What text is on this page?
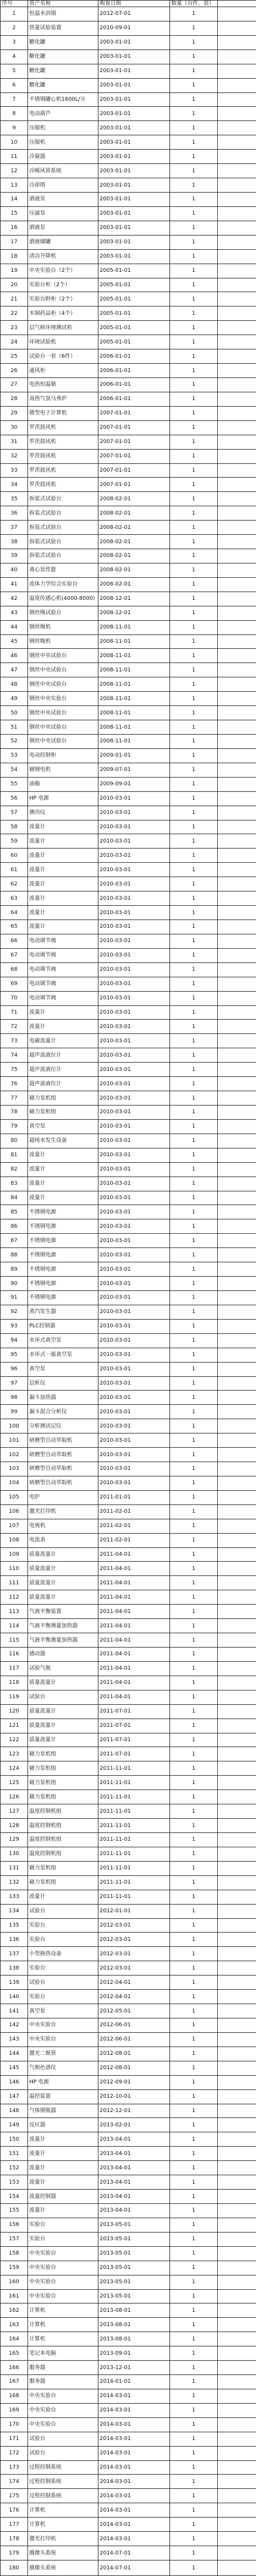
序号	资产名称	购置日期	数量（台件、套）	
1	恒温水浴锅	2012-07-01	1	
2	热量试验装置	2010-09-01	1	
3	糖化罐	2003-01-01	1	
4	糖化罐	2003-01-01	1	
5	糖化罐	2003-01-01	1	
6	糖化罐	2003-01-01	1	
7	不锈钢罐心机1600L/分	2003-01-01	1	
8	电动葫芦	2003-01-01	1	
9	压缩机	2003-01-01	1	
10	压缩机	2003-01-01	1	
11	冷凝器	2003-01-01	1	
12	冷暖风管系统	2003-01-01	1	
13	冷却塔	2003-01-01	1	
14	酒液泵	2003-01-01	1	
15	压滤泵	2003-01-01	1	
16	酒液泵	2003-01-01	1	
17	酒液储罐	2003-01-01	1	
18	清洁升降机	2003-01-01	1	
19	中央实验台（2个）	2005-01-01	1	
20	实验台柜（2个）	2005-01-01	1	
21	实验台附柜（2个）	2005-01-01	1	
22	木制药品柜（4个）	2005-01-01	1	
23	层气候环境测试机	2005-01-01	1	
24	环境试验机	2005-01-01	1	
25	试验台一套（6件）	2006-01-01	1	
26	通风柜	2006-01-01	1	
27	电热恒温箱	2006-01-01	1	
28	高热气氛马弗炉	2006-01-01	1	
29	微型电子计算机	2007-01-01	1	
30	罗茨鼓风机	2007-01-01	1	
31	罗茨鼓风机	2007-01-01	1	
32	罗茨鼓风机	2007-01-01	1	
33	罗茨鼓风机	2007-01-01	1	
34	罗茨鼓风机	2007-01-01	1	
35	拆装式试验台	2008-02-01	1	
36	拆装式试验台	2008-02-01	1	
37	拆装式试验台	2008-02-01	1	
38	拆装式试验台	2008-02-01	1	
39	拆装式试验台	2008-02-01	1	
40	离心泵性能	2008-02-01	1	
41	流体力学综合实验台	2008-02-01	1	
42	温度传感心机(4000-8000)	2008-12-01	1	
43	钢丝绳试验台	2008-12-01	1	
44	钢丝绳机	2008-11-01	1	
45	钢丝绳机	2008-11-01	1	
46	钢丝中央试验台	2008-11-01	1	
47	钢丝中央试验台	2008-11-01	1	
48	钢丝中央试验台	2008-11-01	1	
49	钢丝中央实验台	2008-11-01	1	
50	钢丝中央试验台	2008-11-01	1	
51	钢丝中央试验台	2008-11-01	1	
52	钢丝中央试验台	2008-11-01	1	
53	电动控制柜	2009-01-01	1	
54	磁钢电机	2009-07-01	1	
55	油箱	2009-09-01	1	
56	HP 电源	2010-03-01	1	
57	测功仪	2010-03-01	1	
58	流量计	2010-03-01	1	
59	流量计	2010-03-01	1	
60	流量计	2010-03-01	1	
61	流量计	2010-03-01	1	
62	流量计	2010-03-01	1	
63	流量计	2010-03-01	1	
64	流量计	2010-03-01	1	
65	流量计	2010-03-01	1	
66	电动调节阀	2010-03-01	1	
67	电动调节阀	2010-03-01	1	
68	电动调节阀	2010-03-01	1	
69	电动调节阀	2010-03-01	1	
70	电动调节阀	2010-03-01	1	
71	流量计	2010-03-01	1	
72	流量计	2010-03-01	1	
73	电磁流量计	2010-03-01	1	
74	超声波液位计	2010-03-01	1	
75	超声波液位计	2010-03-01	1	
76	超声波液位计	2010-03-01	1	
77	磁力泵机组	2010-03-01	1	
78	磁力泵机组	2010-03-01	1	
79	真空泵	2010-03-01	1	
80	超纯水发生设备	2010-03-01	1	
81	流量计	2010-03-01	1	
82	流量计	2010-03-01	1	
83	流量计	2010-03-01	1	
84	流量计	2010-03-01	1	
85	不锈钢电源	2010-03-01	1	
86	不锈钢电源	2010-03-01	1	
87	不锈钢电源	2010-03-01	1	
88	不锈钢电源	2010-03-01	1	
89	不锈钢电源	2010-03-01	1	
90	不锈钢电源	2010-03-01	1	
91	不锈钢电源	2010-03-01	1	
92	蒸汽发生器	2010-03-01	1	
93	PLC控制器	2010-03-01	1	
94	水环式真空泵	2010-03-01	1	
95	水环式一級真空泵	2010-03-01	1	
96	真空泵	2010-03-01	1	
97	层析仪	2010-03-01	1	
98	漏斗加热器	2010-03-01	1	
99	漏斗混合分析仪	2010-03-01	1	
100	分析测试记仪	2010-03-01	1	
101	研磨型自动萃取机	2010-03-01	1	
102	研磨型自动萃取机	2010-03-01	1	
103	研磨型自动萃取机	2010-03-01	1	
104	研磨型自动萃取机	2010-03-01	1	
105	电炉	2011-01-01	1	
106	激光打印机	2011-02-01	1	
107	电视机	2011-02-01	1	
108	电流表	2011-02-01	1	
109	质量流量计	2011-04-01	1	
110	质量流量计	2011-04-01	1	
111	质量流量计	2011-04-01	1	
112	质量流量计	2011-04-01	1	
113	气液平衡装置	2011-04-01	1	
114	气液平衡测量加热器	2011-04-01	1	
115	气液平衡测量加热器	2011-04-01	1	
116	感动器	2011-04-01	1	
117	试验气瓶	2011-04-01	1	
118	质量流量计	2011-04-01	1	
119	试验台	2011-04-01	1	
120	质量流量计	2011-07-01	1	
121	质量流量计	2011-07-01	1	
122	质量流量计	2011-07-01	1	
123	磁力泵机组	2011-07-01	1	
124	磁力泵机组	2011-11-01	1	
125	磁力泵机组	2011-11-01	1	
126	磁力泵机组	2011-11-01	1	
127	温度控制机组	2011-11-01	1	
128	温度控制机组	2011-11-01	1	
129	温度控制机组	2011-11-01	1	
130	温度控制机组	2011-11-01	1	
131	磁力泵机组	2011-11-01	1	
132	磁力泵机组	2011-11-01	1	
133	流量计	2011-11-01	1	
134	试验台	2012-01-01	1	
135	实验台	2012-03-01	1	
136	实验台	2012-03-01	1	
137	小型换热设备	2012-03-01	1	
138	实验台	2012-03-01	1	
139	试验台	2012-04-01	1	
140	实验台	2012-04-01	1	
141	真空泵	2012-05-01	1	
142	中央实验台	2012-06-01	1	
143	中央实验台	2012-06-01	1	
144	激光二极管	2012-08-01	1	
145	气相色谱仪	2012-08-01	1	
146	HP 电源	2012-09-01	1	
147	温控装置	2012-10-01	1	
148	气体钢瓶器	2012-12-01	1	
149	反应器	2013-02-01	1	
150	流量计	2013-04-01	1	
151	流量计	2013-04-01	1	
152	流量计	2013-04-01	1	
153	流量计	2013-04-01	1	
154	流量控制器	2013-04-01	1	
155	流量计	2013-04-01	1	
156	实验台	2013-05-01	1	
157	实验台	2013-05-01	1	
158	中央实验台	2013-05-01	1	
159	中央实验台	2013-05-01	1	
160	中央实验台	2013-05-01	1	
161	中央实验台	2013-05-01	1	
162	计算机	2013-08-01	1	
163	计算机	2013-08-01	1	
164	计算机	2013-08-01	1	
165	笔记本电脑	2013-09-01	1	
166	服务器	2013-12-01	1	
167	服务器	2014-01-01	1	
168	中央实验台	2014-03-01	1	
169	中央实验台	2014-03-01	1	
170	中央实验台	2014-03-01	1	
171	试验台	2014-03-01	1	
172	试验台	2014-03-01	1	
173	过程控制系统	2014-03-01	1	
174	过程控制系统	2014-03-01	1	
175	过程控制系统	2014-03-01	1	
176	计算机	2014-03-01	1	
177	计算机	2014-03-01	1	
178	激光打印机	2014-03-01	1	
179	摄像头系统	2014-07-01	1	
180	摄像头系统	2014-07-01	1	
